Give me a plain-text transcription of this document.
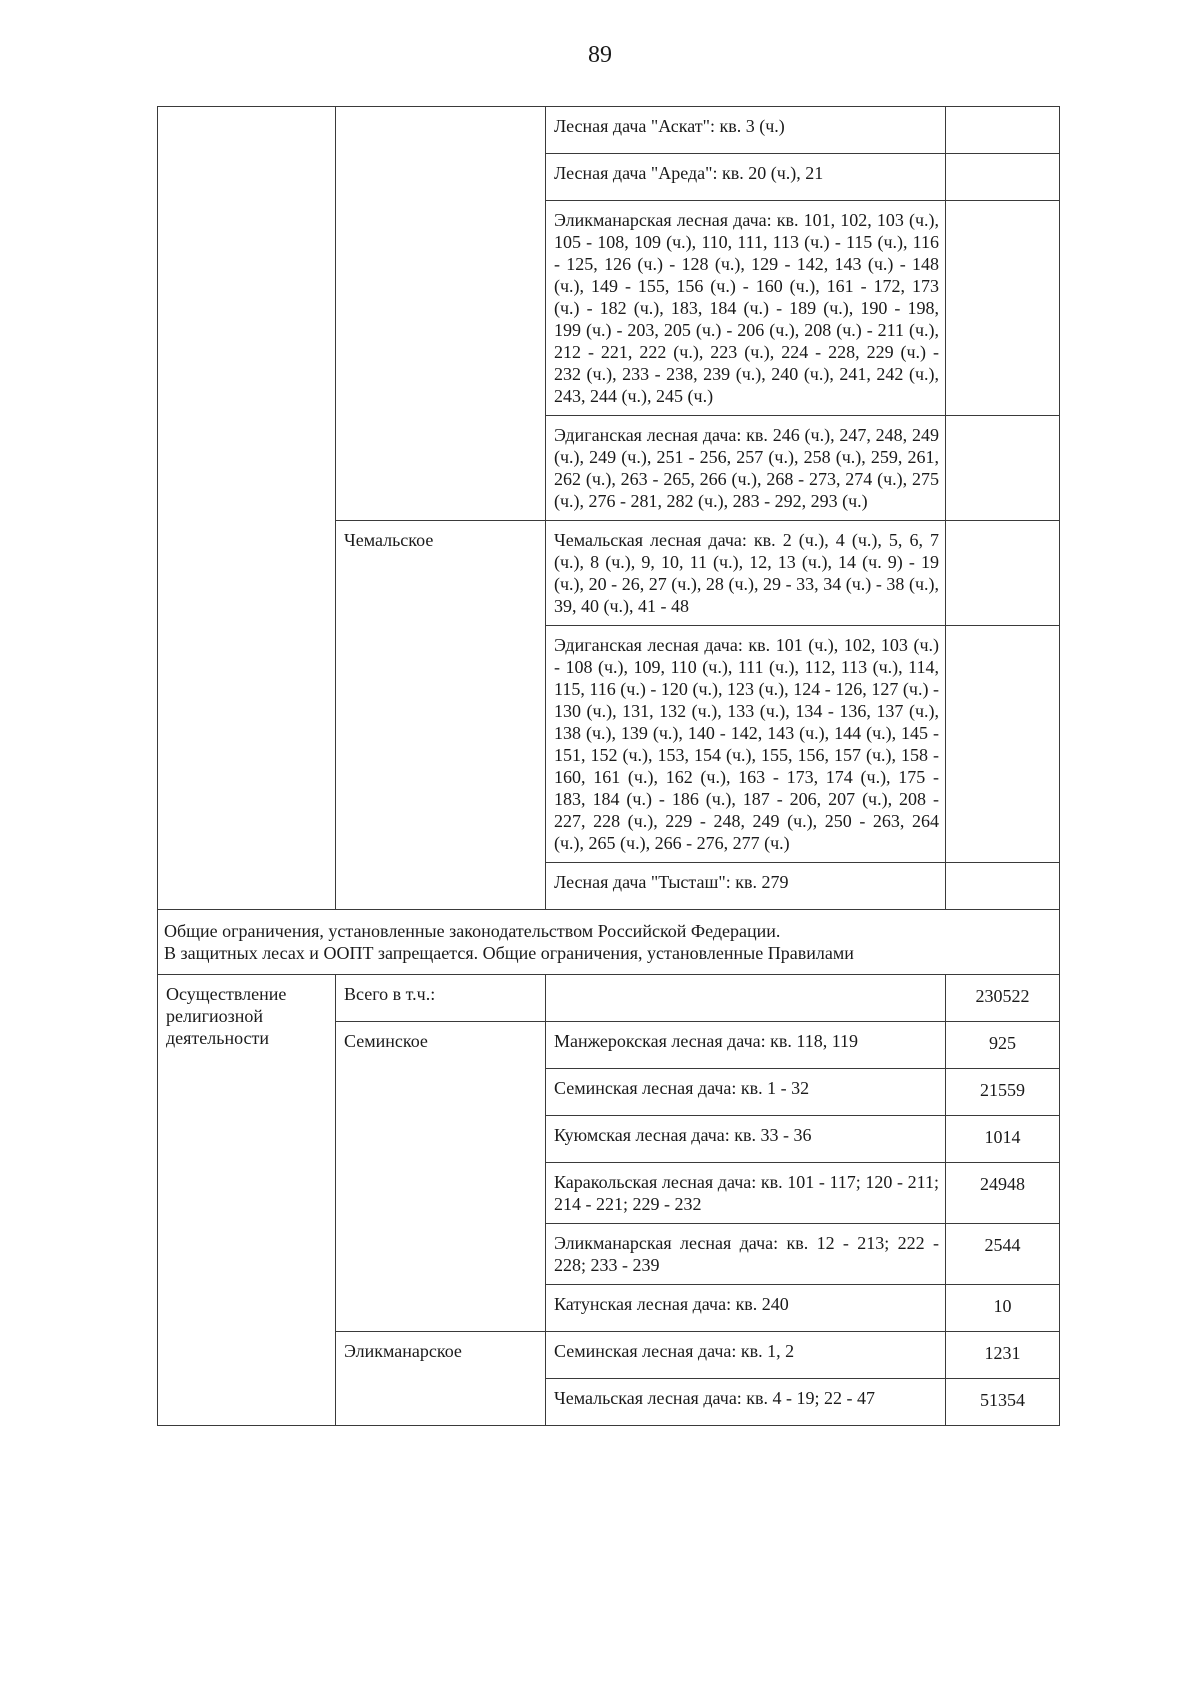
89

		Лесная дача "Аскат": кв. 3 (ч.)	

		Лесная дача "Ареда": кв. 20 (ч.), 21	

		Эликманарская лесная дача: кв. 101, 102, 103 (ч.), 105 - 108, 109 (ч.), 110, 111, 113 (ч.) - 115 (ч.), 116 - 125, 126 (ч.) - 128 (ч.), 129 - 142, 143 (ч.) - 148 (ч.), 149 - 155, 156 (ч.) - 160 (ч.), 161 - 172, 173 (ч.) - 182 (ч.), 183, 184 (ч.) - 189 (ч.), 190 - 198, 199 (ч.) - 203, 205 (ч.) - 206 (ч.), 208 (ч.) - 211 (ч.), 212 - 221, 222 (ч.), 223 (ч.), 224 - 228, 229 (ч.) - 232 (ч.), 233 - 238, 239 (ч.), 240 (ч.), 241, 242 (ч.), 243, 244 (ч.), 245 (ч.)	

		Эдиганская лесная дача: кв. 246 (ч.), 247, 248, 249 (ч.), 249 (ч.), 251 - 256, 257 (ч.), 258 (ч.), 259, 261, 262 (ч.), 263 - 265, 266 (ч.), 268 - 273, 274 (ч.), 275 (ч.), 276 - 281, 282 (ч.), 283 - 292, 293 (ч.)	

	Чемальское	Чемальская лесная дача: кв. 2 (ч.), 4 (ч.), 5, 6, 7 (ч.), 8 (ч.), 9, 10, 11 (ч.), 12, 13 (ч.), 14 (ч. 9) - 19 (ч.), 20 - 26, 27 (ч.), 28 (ч.), 29 - 33, 34 (ч.) - 38 (ч.), 39, 40 (ч.), 41 - 48	

		Эдиганская лесная дача: кв. 101 (ч.), 102, 103 (ч.) - 108 (ч.), 109, 110 (ч.), 111 (ч.), 112, 113 (ч.), 114, 115, 116 (ч.) - 120 (ч.), 123 (ч.), 124 - 126, 127 (ч.) - 130 (ч.), 131, 132 (ч.), 133 (ч.), 134 - 136, 137 (ч.), 138 (ч.), 139 (ч.), 140 - 142, 143 (ч.), 144 (ч.), 145 - 151, 152 (ч.), 153, 154 (ч.), 155, 156, 157 (ч.), 158 - 160, 161 (ч.), 162 (ч.), 163 - 173, 174 (ч.), 175 - 183, 184 (ч.) - 186 (ч.), 187 - 206, 207 (ч.), 208 - 227, 228 (ч.), 229 - 248, 249 (ч.), 250 - 263, 264 (ч.), 265 (ч.), 266 - 276, 277 (ч.)	

		Лесная дача "Тысташ": кв. 279	

Общие ограничения, установленные законодательством Российской Федерации.
В защитных лесах и ООПТ запрещается. Общие ограничения, установленные Правилами			

Осуществление религиозной деятельности	Всего в т.ч.:		230522

	Семинское	Манжерокская лесная дача: кв. 118, 119	925

		Семинская лесная дача: кв. 1 - 32	21559

		Куюмская лесная дача: кв. 33 - 36	1014

		Каракольская лесная дача: кв. 101 - 117; 120 - 211; 214 - 221; 229 - 232	24948

		Эликманарская лесная дача: кв. 12 - 213; 222 - 228; 233 - 239	2544

		Катунская лесная дача: кв. 240	10

	Эликманарское	Семинская лесная дача: кв. 1, 2	1231

		Чемальская лесная дача: кв. 4 - 19; 22 - 47	51354
